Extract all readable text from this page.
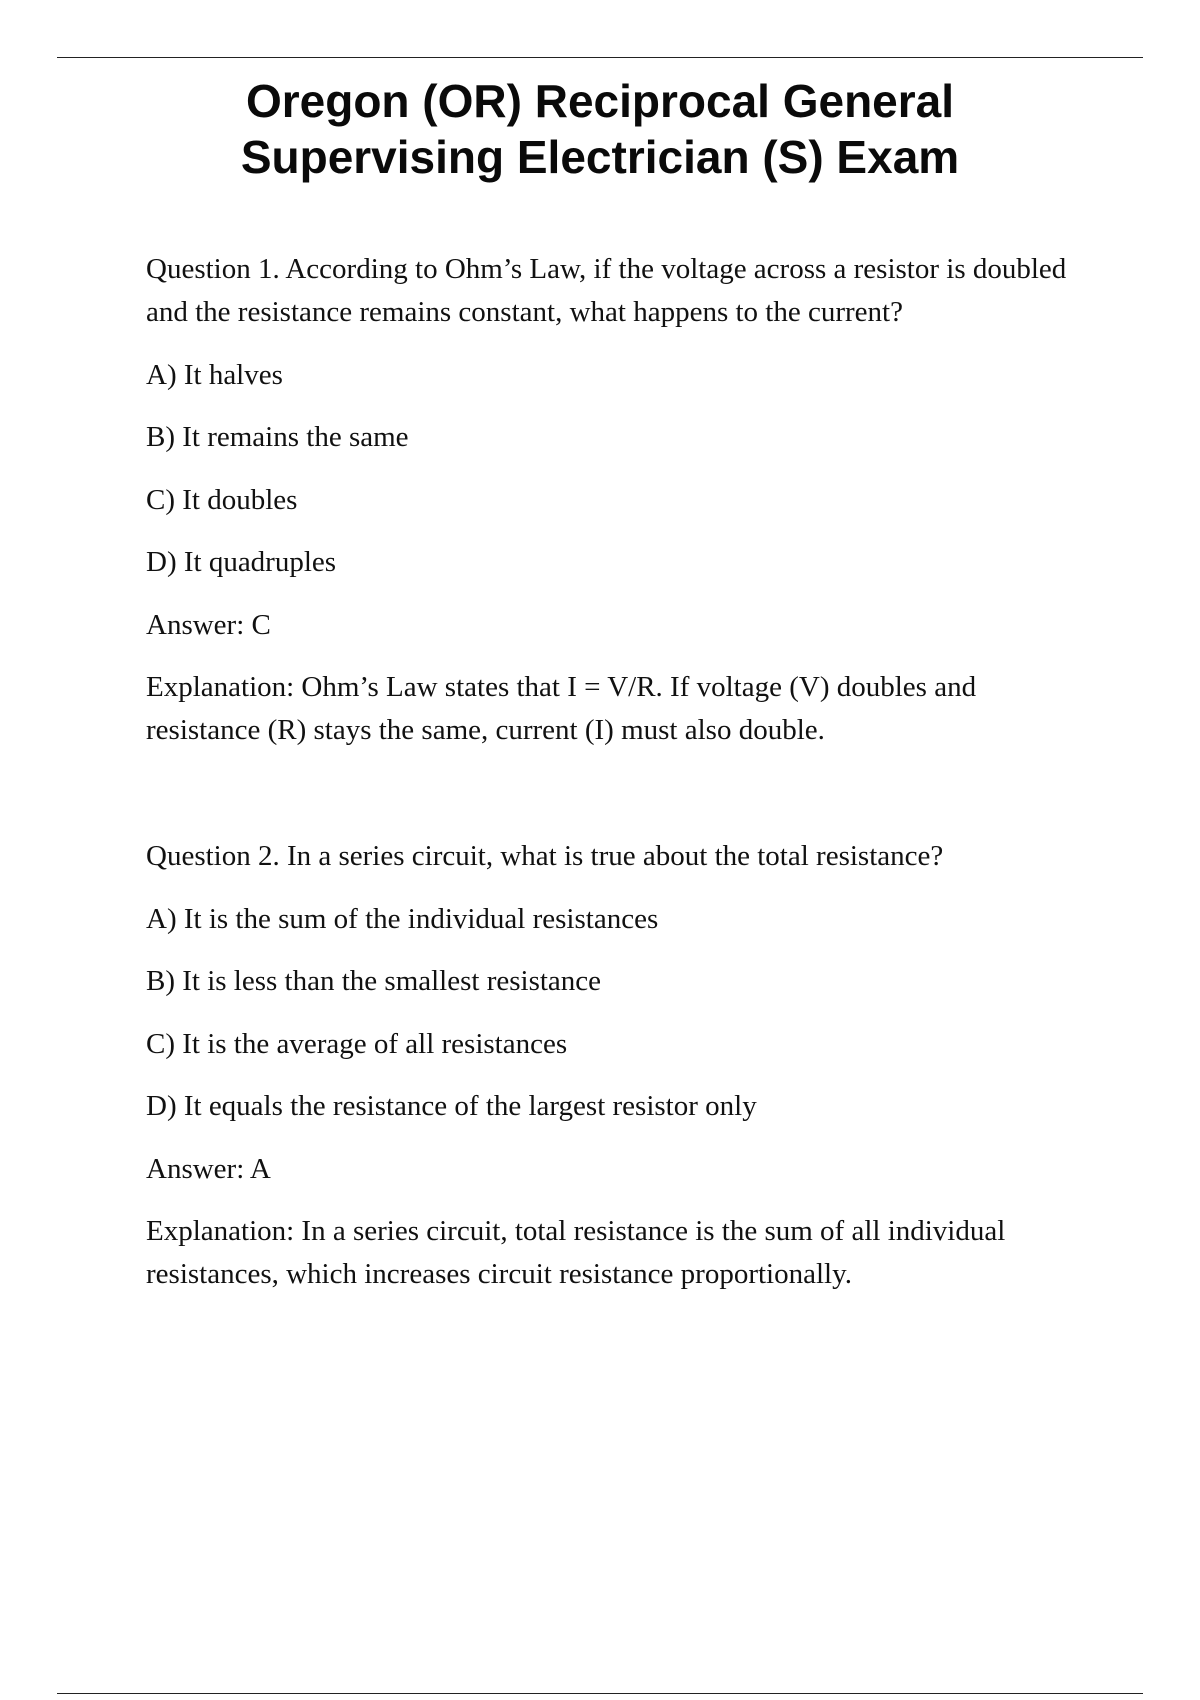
Oregon (OR) Reciprocal General
Supervising Electrician (S) Exam

Question 1. According to Ohm’s Law, if the voltage across a resistor is doubled and the resistance remains constant, what happens to the current?

A) It halves

B) It remains the same

C) It doubles

D) It quadruples

Answer: C

Explanation: Ohm’s Law states that I = V/R. If voltage (V) doubles and resistance (R) stays the same, current (I) must also double.

Question 2. In a series circuit, what is true about the total resistance?

A) It is the sum of the individual resistances

B) It is less than the smallest resistance

C) It is the average of all resistances

D) It equals the resistance of the largest resistor only

Answer: A

Explanation: In a series circuit, total resistance is the sum of all individual resistances, which increases circuit resistance proportionally.
